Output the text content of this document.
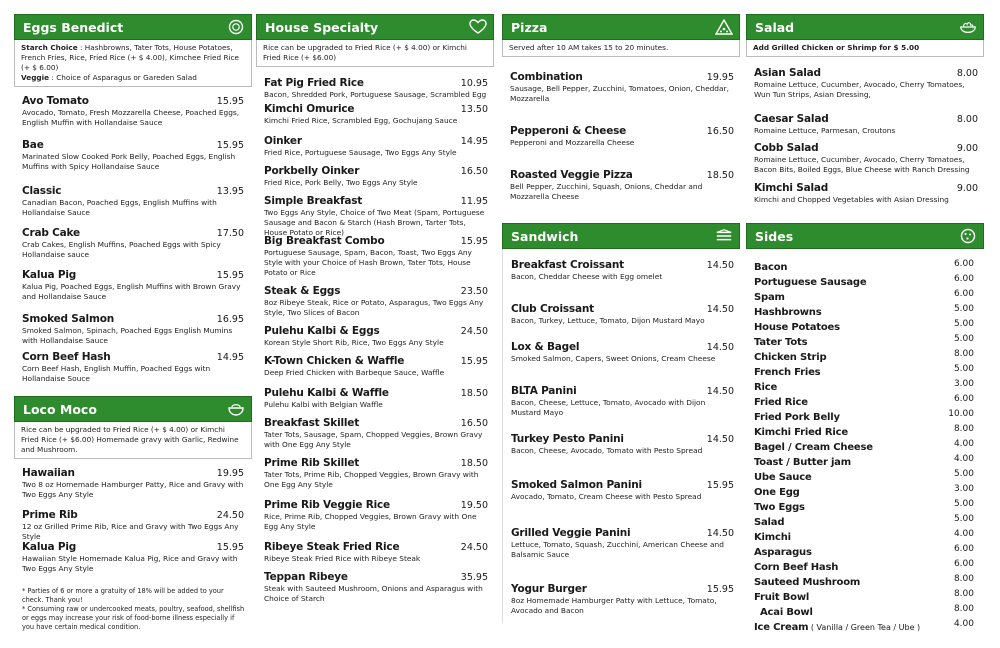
Eggs Benedict
Starch Choice : Hashbrowns, Tater Tots, House Potatoes, French Fries, Rice, Fried Rice (+ $ 4.00), Kimchee Fried Rice (+ $ 6.00)
Veggie : Choice of Asparagus or Gareden Salad
Avo Tomato	15.95
Avocado, Tomato, Fresh Mozzarella Cheese, Poached Eggs, English Muffin with Hollandaise Sauce
Bae	15.95
Marinated Slow Cooked Pork Belly, Poached Eggs, English Muffins with Spicy Hollandaise Sauce
Classic	13.95
Canadian Bacon, Poached Eggs, English Muffins with Hollandaise Sauce
Crab Cake	17.50
Crab Cakes, English Muffins, Poached Eggs with Spicy Hollandaise sauce
Kalua Pig	15.95
Kalua Pig, Poached Eggs, English Muffins with Brown Gravy and Hollandaise Sauce
Smoked Salmon	16.95
Smoked Salmon, Spinach, Poached Eggs English Mumins with Hollandaise Sauce
Corn Beef Hash	14.95
Corn Beef Hash, English Muffin, Poached Eggs witn Hollandaise Souce
Loco Moco
Rice can be upgraded to Fried Rice (+ $ 4.00) or Kimchi Fried Rice (+ $6.00) Homemade gravy with Garlic, Redwine and Mushroom.
Hawaiian	19.95
Two 8 oz Homemade Hamburger Patty, Rice and Gravy with Two Eggs Any Style
Prime Rib	24.50
12 oz Grilled Prime Rib, Rice and Gravy with Two Eggs Any Style
Kalua Pig	15.95
Hawaiian Style Homemade Kalua Pig, Rice and Gravy with Two Eggs Any Style
* Parties of 6 or more a gratuity of 18% will be added to your check. Thank you!
* Consuming raw or undercooked meats, poultry, seafood, shellfish or eggs may increase your risk of food-borne illness especially if you have certain medical condition.
House Specialty
Rice can be upgraded to Fried Rice (+ $ 4.00) or Kimchi Fried Rice (+ $6.00)
Fat Pig Fried Rice	10.95
Bacon, Shredded Pork, Portuguese Sausage, Scrambled Egg
Kimchi Omurice	13.50
Kimchi Fried Rice, Scrambled Egg, Gochujang Sauce
Oinker	14.95
Fried Rice, Portuguese Sausage, Two Eggs Any Style
Porkbelly Oinker	16.50
Fried Rice, Pork Belly, Two Eggs Any Style
Simple Breakfast	11.95
Two Eggs Any Style, Choice of Two Meat (Spam, Portuguese Sausage and Bacon & Starch (Hash Brown, Tarter Tots, House Potato or Rice)
Big Breakfast Combo	15.95
Portuguese Sausage, Spam, Bacon, Toast, Two Eggs Any Style with your Choice of Hash Brown, Tater Tots, House Potato or Rice
Steak & Eggs	23.50
8oz Ribeye Steak, Rice or Potato, Asparagus, Two Eggs Any Style, Two Slices of Bacon
Pulehu Kalbi & Eggs	24.50
Korean Style Short Rib, Rice, Two Eggs Any Style
K-Town Chicken & Waffle	15.95
Deep Fried Chicken with Barbeque Sauce, Waffle
Pulehu Kalbi & Waffle	18.50
Pulehu Kalbi with Belgian Waffle
Breakfast Skillet	16.50
Tater Tots, Sausage, Spam, Chopped Veggies, Brown Gravy with One Egg Any Style
Prime Rib Skillet	18.50
Tater Tots, Prime Rib, Chopped Veggies, Brown Gravy with One Egg Any Style
Prime Rib Veggie Rice	19.50
Rice, Prime Rib, Chopped Veggies, Brown Gravy with One Egg Any Style
Ribeye Steak Fried Rice	24.50
Ribeye Steak Fried Rice with Ribeye Steak
Teppan Ribeye	35.95
Steak with Sauteed Mushroom, Onions and Asparagus with Choice of Starch
Pizza
Served after 10 AM takes 15 to 20 minutes.
Combination	19.95
Sausage, Bell Pepper, Zucchini, Tomatoes, Onion, Cheddar, Mozzarella
Pepperoni & Cheese	16.50
Pepperoni and Mozzarella Cheese
Roasted Veggie Pizza	18.50
Bell Pepper, Zucchini, Squash, Onions, Cheddar and Mozzarella Cheese
Sandwich
Breakfast Croissant	14.50
Bacon, Cheddar Cheese with Egg omelet
Club Croissant	14.50
Bacon, Turkey, Lettuce, Tomato, Dijon Mustard Mayo
Lox & Bagel	14.50
Smoked Salmon, Capers, Sweet Onions, Cream Cheese
BLTA Panini	14.50
Bacon, Cheese, Lettuce, Tomato, Avocado with Dijon Mustard Mayo
Turkey Pesto Panini	14.50
Bacon, Cheese, Avocado, Tomato with Pesto Spread
Smoked Salmon Panini	15.95
Avocado, Tomato, Cream Cheese with Pesto Spread
Grilled Veggie Panini	14.50
Lettuce, Tomato, Squash, Zucchini, American Cheese and Balsamic Sauce
Yogur Burger	15.95
8oz Homemade Hamburger Patty with Lettuce, Tomato, Avocado and Bacon
Salad
Add Grilled Chicken or Shrimp for $ 5.00
Asian Salad	8.00
Romaine Lettuce, Cucumber, Avocado, Cherry Tomatoes, Wun Tun Strips, Asian Dressing,
Caesar Salad	8.00
Romaine Lettuce, Parmesan, Croutons
Cobb Salad	9.00
Romaine Lettuce, Cucumber, Avocado, Cherry Tomatoes, Bacon Bits, Boiled Eggs, Blue Cheese with Ranch Dressing
Kimchi Salad	9.00
Kimchi and Chopped Vegetables with Asian Dressing
Sides
Bacon	6.00
Portuguese Sausage	6.00
Spam	6.00
Hashbrowns	5.00
House Potatoes	5.00
Tater Tots	5.00
Chicken Strip	8.00
French Fries	5.00
Rice	3.00
Fried Rice	6.00
Fried Pork Belly	10.00
Kimchi Fried Rice	8.00
Bagel / Cream Cheese	4.00
Toast / Butter jam	4.00
Ube Sauce	5.00
One Egg	3.00
Two Eggs	5.00
Salad	5.00
Kimchi	4.00
Asparagus	6.00
Corn Beef Hash	6.00
Sauteed Mushroom	8.00
Fruit Bowl	8.00
Acai Bowl	8.00
Ice Cream ( Vanilla / Green Tea / Ube )	4.00
